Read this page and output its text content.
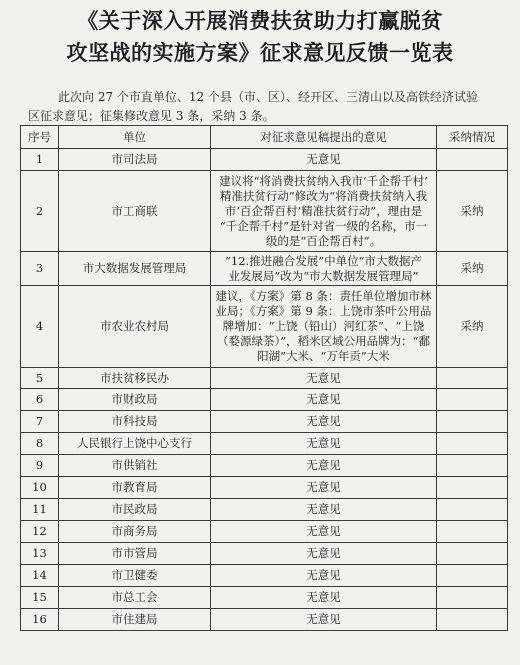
《关于深入开展消费扶贫助力打赢脱贫
攻坚战的实施方案》征求意见反馈一览表
此次向 27 个市直单位、12 个县（市、区）、经开区、三清山以及高铁经济试验
区征求意见；征集修改意见 3 条，采纳 3 条。
序号	单位	对征求意见稿提出的意见	采纳情况
1	市司法局	无意见	

2	市工商联	建议将“将消费扶贫纳入我市‘千企帮千村’
精准扶贫行动”修改为“将消费扶贫纳入我
市‘百企帮百村’精准扶贫行动”，理由是
“千企帮千村”是针对省一级的名称，市一
级的是“百企帮百村”。	采纳
3	市大数据发展管理局	“12.推进融合发展”中单位“市大数据产
业发展局”改为“市大数据发展管理局”	采纳
4	市农业农村局	建议，《方案》第 8 条：责任单位增加市林
业局；《方案》第 9 条：上饶市茶叶公用品
牌增加：“上饶（铅山）河红茶”、“上饶
（婺源绿茶）”，稻米区域公用品牌为：“鄱
阳湖”大米、“万年贡”大米	采纳
5	市扶贫移民办	无意见	

6	市财政局	无意见	

7	市科技局	无意见	

8	人民银行上饶中心支行	无意见	

9	市供销社	无意见	

10	市教育局	无意见	

11	市民政局	无意见	

12	市商务局	无意见	

13	市市管局	无意见	

14	市卫健委	无意见	

15	市总工会	无意见	

16	市住建局	无意见	
